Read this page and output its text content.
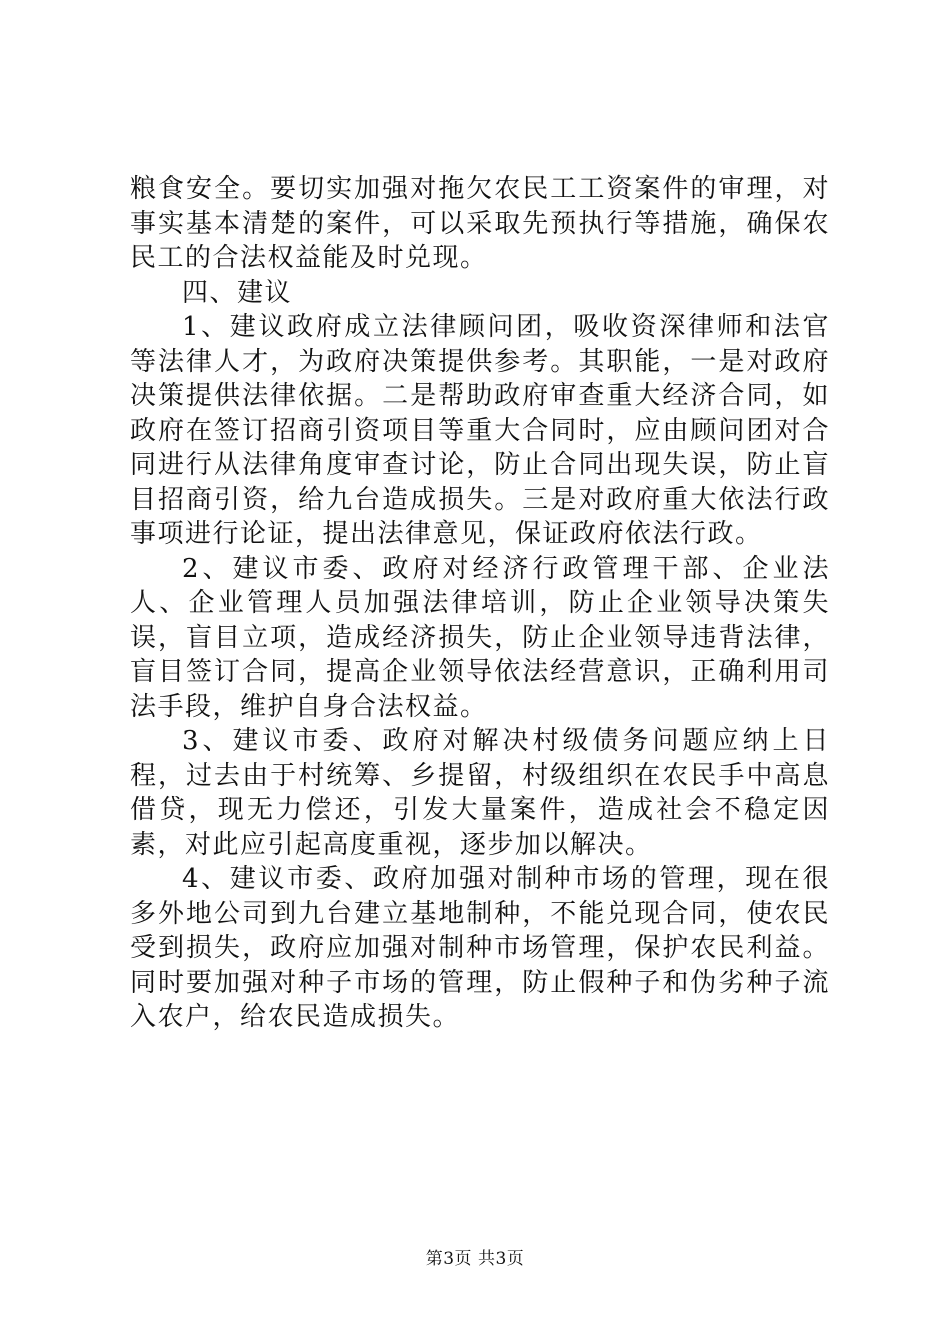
粮食安全。要切实加强对拖欠农民工工资案件的审理，对事实基本清楚的案件，可以采取先预执行等措施，确保农民工的合法权益能及时兑现。

四、建议

1、建议政府成立法律顾问团，吸收资深律师和法官等法律人才，为政府决策提供参考。其职能，一是对政府决策提供法律依据。二是帮助政府审查重大经济合同，如政府在签订招商引资项目等重大合同时，应由顾问团对合同进行从法律角度审查讨论，防止合同出现失误，防止盲目招商引资，给九台造成损失。三是对政府重大依法行政事项进行论证，提出法律意见，保证政府依法行政。

2、建议市委、政府对经济行政管理干部、企业法人、企业管理人员加强法律培训，防止企业领导决策失误，盲目立项，造成经济损失，防止企业领导违背法律，盲目签订合同，提高企业领导依法经营意识，正确利用司法手段，维护自身合法权益。

3、建议市委、政府对解决村级债务问题应纳上日程，过去由于村统筹、乡提留，村级组织在农民手中高息借贷，现无力偿还，引发大量案件，造成社会不稳定因素，对此应引起高度重视，逐步加以解决。

4、建议市委、政府加强对制种市场的管理，现在很多外地公司到九台建立基地制种，不能兑现合同，使农民受到损失，政府应加强对制种市场管理，保护农民利益。同时要加强对种子市场的管理，防止假种子和伪劣种子流入农户，给农民造成损失。

第3页 共3页
